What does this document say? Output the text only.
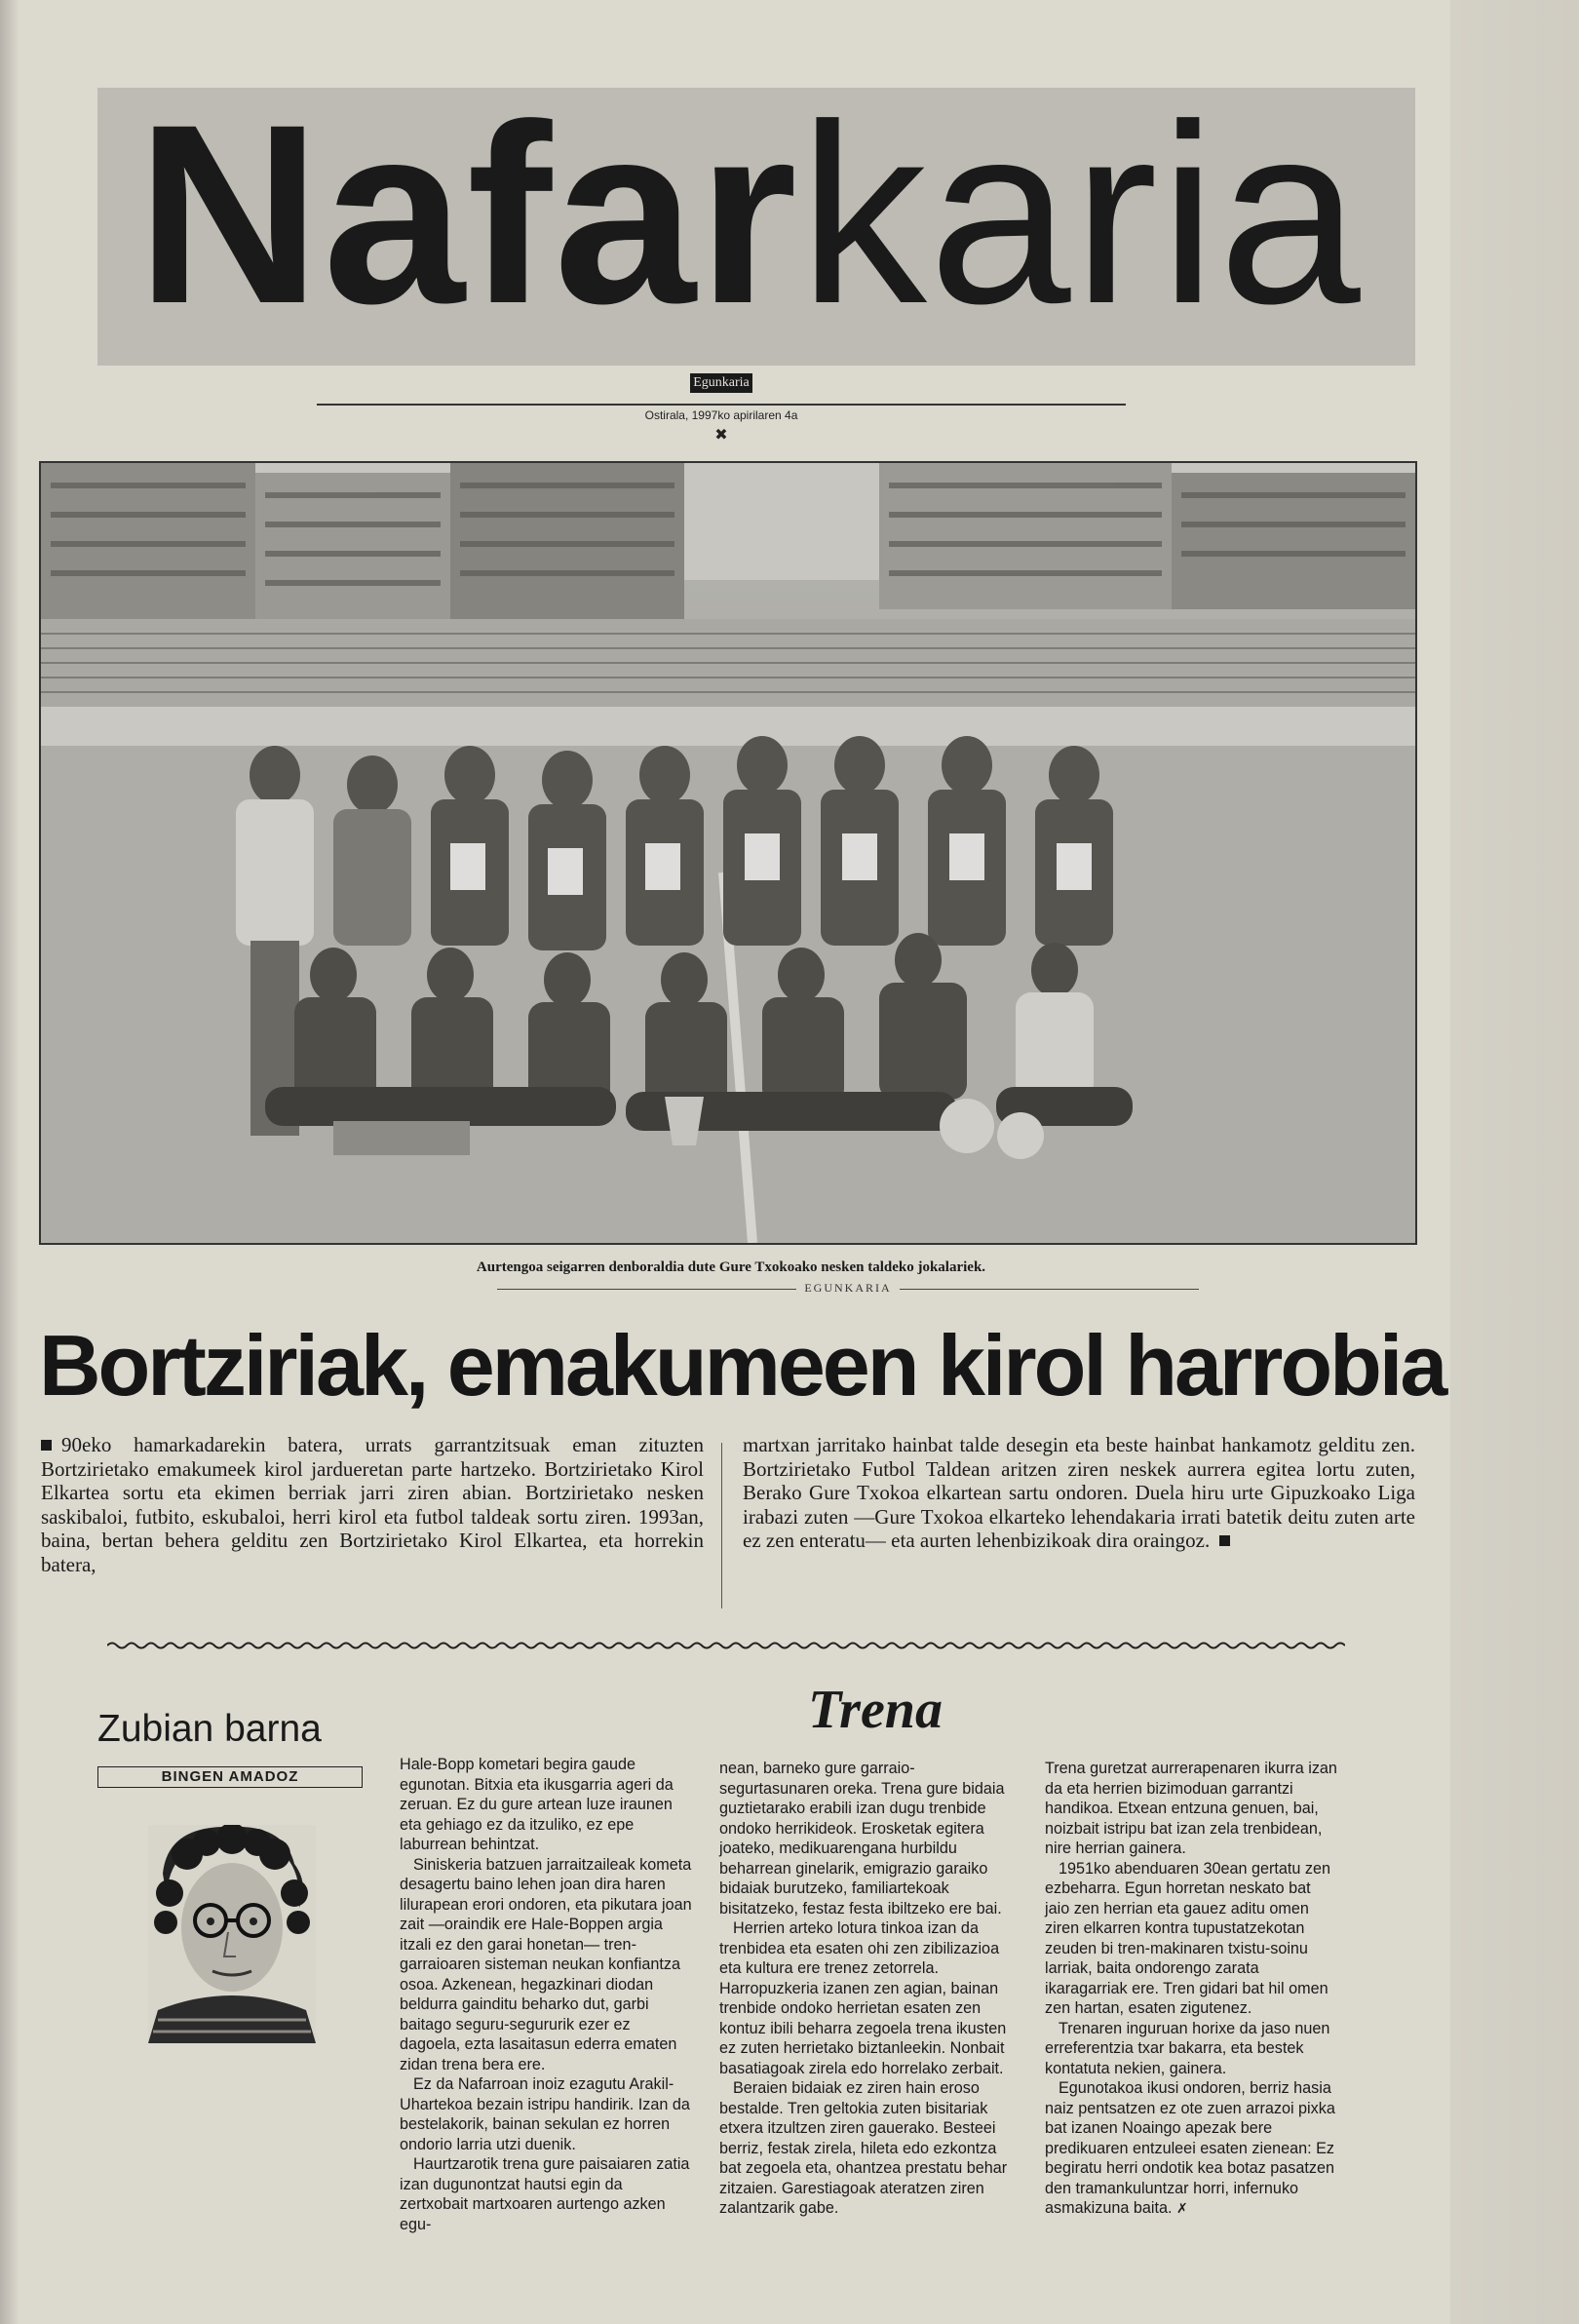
Nafarkaria
Egunkaria
Ostirala, 1997ko apirilaren 4a
✖
Aurtengoa seigarren denboraldia dute Gure Txokoako nesken taldeko jokalariek.
EGUNKARIA
Bortziriak, emakumeen kirol harrobia
90eko hamarkadarekin batera, urrats garrantzitsuak eman zituzten Bortzirietako emakumeek kirol jardueretan parte hartzeko. Bortzirietako Kirol Elkartea sortu eta ekimen berriak jarri ziren abian. Bortzirietako nesken saskibaloi, futbito, eskubaloi, herri kirol eta futbol taldeak sortu ziren. 1993an, baina, bertan behera gelditu zen Bortzirietako Kirol Elkartea, eta horrekin batera,
martxan jarritako hainbat talde desegin eta beste hainbat hankamotz gelditu zen. Bortzirietako Futbol Taldean aritzen ziren neskek aurrera egitea lortu zuten, Berako Gure Txokoa elkartean sartu ondoren. Duela hiru urte Gipuzkoako Liga irabazi zuten —Gure Txokoa elkarteko lehendakaria irrati batetik deitu zuten arte ez zen enteratu— eta aurten lehenbizikoak dira oraingoz.
Zubian barna
BINGEN AMADOZ
Trena

Hale-Bopp kometari begira gaude egunotan. Bitxia eta ikusgarria ageri da zeruan. Ez du gure artean luze iraunen eta gehiago ez da itzuliko, ez epe laburrean behintzat.

Siniskeria batzuen jarraitzaileak kometa desagertu baino lehen joan dira haren lilurapean erori ondoren, eta pikutara joan zait —oraindik ere Hale-Boppen argia itzali ez den garai honetan— tren-garraioaren sisteman neukan konfiantza osoa. Azkenean, hegazkinari diodan beldurra gainditu beharko dut, garbi baitago seguru-segururik ezer ez dagoela, ezta lasaitasun ederra ematen zidan trena bera ere.

Ez da Nafarroan inoiz ezagutu Arakil-Uhartekoa bezain istripu handirik. Izan da bestelakorik, bainan sekulan ez horren ondorio larria utzi duenik.

Haurtzarotik trena gure paisaiaren zatia izan dugunontzat hautsi egin da zertxobait martxoaren aurtengo azken egu-

nean, barneko gure garraio-segurtasunaren oreka. Trena gure bidaia guztietarako erabili izan dugu trenbide ondoko herrikideok. Erosketak egitera joateko, medikuarengana hurbildu beharrean ginelarik, emigrazio garaiko bidaiak burutzeko, familiartekoak bisitatzeko, festaz festa ibiltzeko ere bai.

Herrien arteko lotura tinkoa izan da trenbidea eta esaten ohi zen zibilizazioa eta kultura ere trenez zetorrela. Harropuzkeria izanen zen agian, bainan trenbide ondoko herrietan esaten zen kontuz ibili beharra zegoela trena ikusten ez zuten herrietako biztanleekin. Nonbait basatiagoak zirela edo horrelako zerbait.

Beraien bidaiak ez ziren hain eroso bestalde. Tren geltokia zuten bisitariak etxera itzultzen ziren gauerako. Besteei berriz, festak zirela, hileta edo ezkontza bat zegoela eta, ohantzea prestatu behar zitzaien. Garestiagoak ateratzen ziren zalantzarik gabe.

Trena guretzat aurrerapenaren ikurra izan da eta herrien bizimoduan garrantzi handikoa. Etxean entzuna genuen, bai, noizbait istripu bat izan zela trenbidean, nire herrian gainera.

1951ko abenduaren 30ean gertatu zen ezbeharra. Egun horretan neskato bat jaio zen herrian eta gauez aditu omen ziren elkarren kontra tupustatzekotan zeuden bi tren-makinaren txistu-soinu larriak, baita ondorengo zarata ikaragarriak ere. Tren gidari bat hil omen zen hartan, esaten zigutenez.

Trenaren inguruan horixe da jaso nuen erreferentzia txar bakarra, eta bestek kontatuta nekien, gainera.

Egunotakoa ikusi ondoren, berriz hasia naiz pentsatzen ez ote zuen arrazoi pixka bat izanen Noaingo apezak bere predikuaren entzuleei esaten zienean: Ez begiratu herri ondotik kea botaz pasatzen den tramankuluntzar horri, infernuko asmakizuna baita. ✗
